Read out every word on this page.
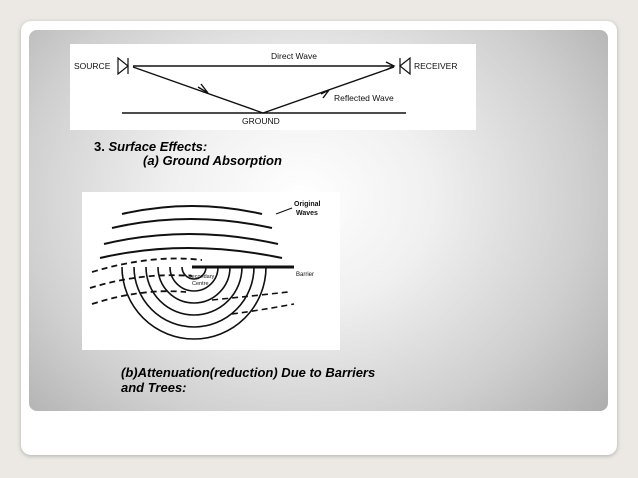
SOURCE	RECEIVER
Direct Wave
Reflected Wave
GROUND
3. Surface Effects:
(a) Ground Absorption
Original
Waves
Secondary
Centre
Barrier
(b)Attenuation(reduction) Due to Barriers
and Trees:
